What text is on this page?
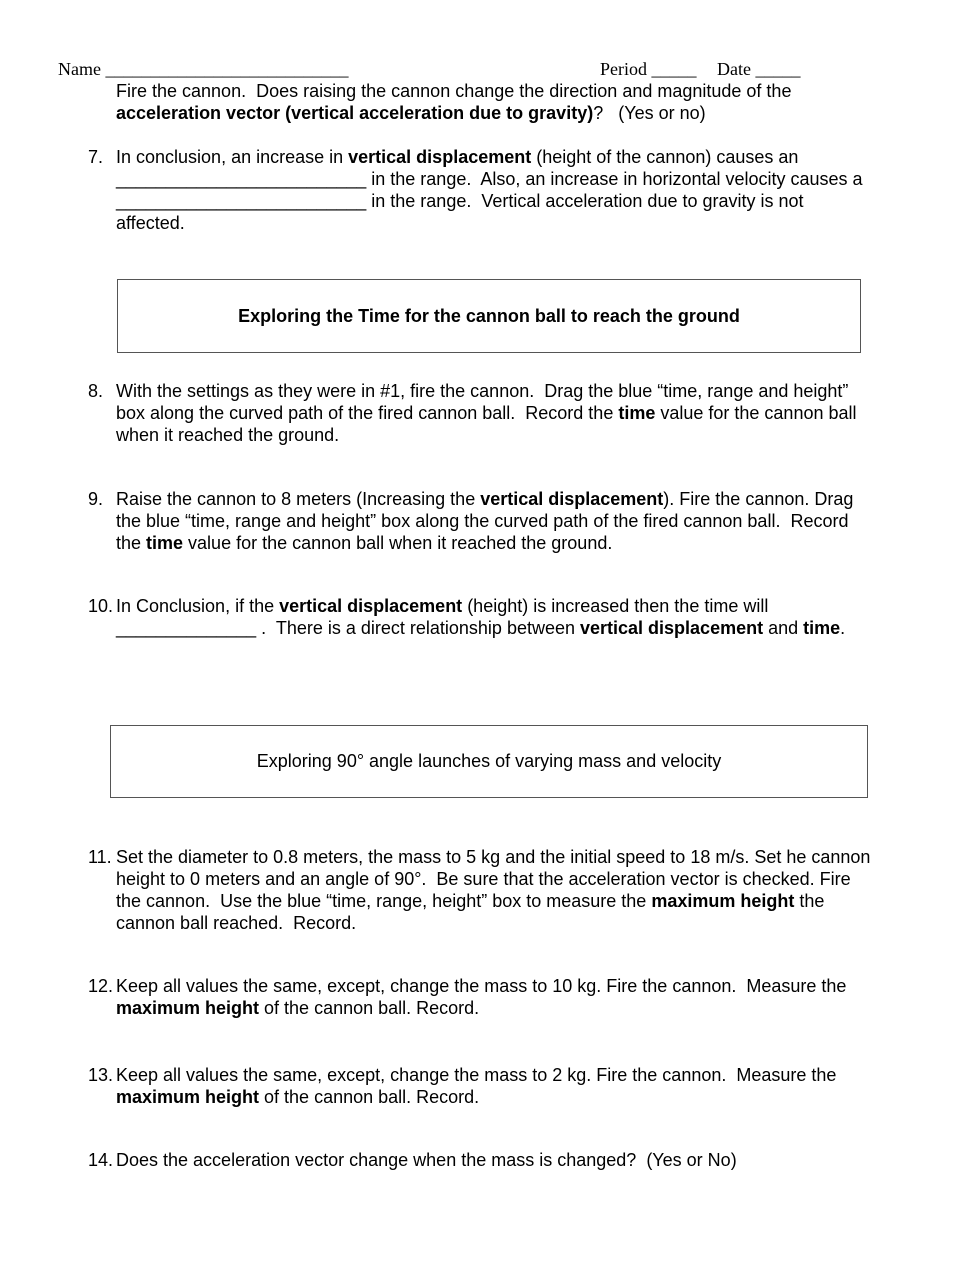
Name ___________________________	Period _____ Date _____
Fire the cannon.  Does raising the cannon change the direction and magnitude of the
acceleration vector (vertical acceleration due to gravity)?   (Yes or no)
7. In conclusion, an increase in vertical displacement (height of the cannon) causes an
_________________________ in the range.  Also, an increase in horizontal velocity causes a
_________________________ in the range.  Vertical acceleration due to gravity is not
affected.
Exploring the Time for the cannon ball to reach the ground
8. With the settings as they were in #1, fire the cannon.  Drag the blue “time, range and height”
box along the curved path of the fired cannon ball.  Record the time value for the cannon ball
when it reached the ground.
9. Raise the cannon to 8 meters (Increasing the vertical displacement). Fire the cannon. Drag
the blue “time, range and height” box along the curved path of the fired cannon ball.  Record
the time value for the cannon ball when it reached the ground.
10. In Conclusion, if the vertical displacement (height) is increased then the time will
______________ .  There is a direct relationship between vertical displacement and time.
Exploring 90° angle launches of varying mass and velocity
11. Set the diameter to 0.8 meters, the mass to 5 kg and the initial speed to 18 m/s. Set he cannon
height to 0 meters and an angle of 90°.  Be sure that the acceleration vector is checked. Fire
the cannon.  Use the blue “time, range, height” box to measure the maximum height the
cannon ball reached.  Record.
12. Keep all values the same, except, change the mass to 10 kg. Fire the cannon.  Measure the
maximum height of the cannon ball. Record.
13. Keep all values the same, except, change the mass to 2 kg. Fire the cannon.  Measure the
maximum height of the cannon ball. Record.
14. Does the acceleration vector change when the mass is changed?  (Yes or No)
